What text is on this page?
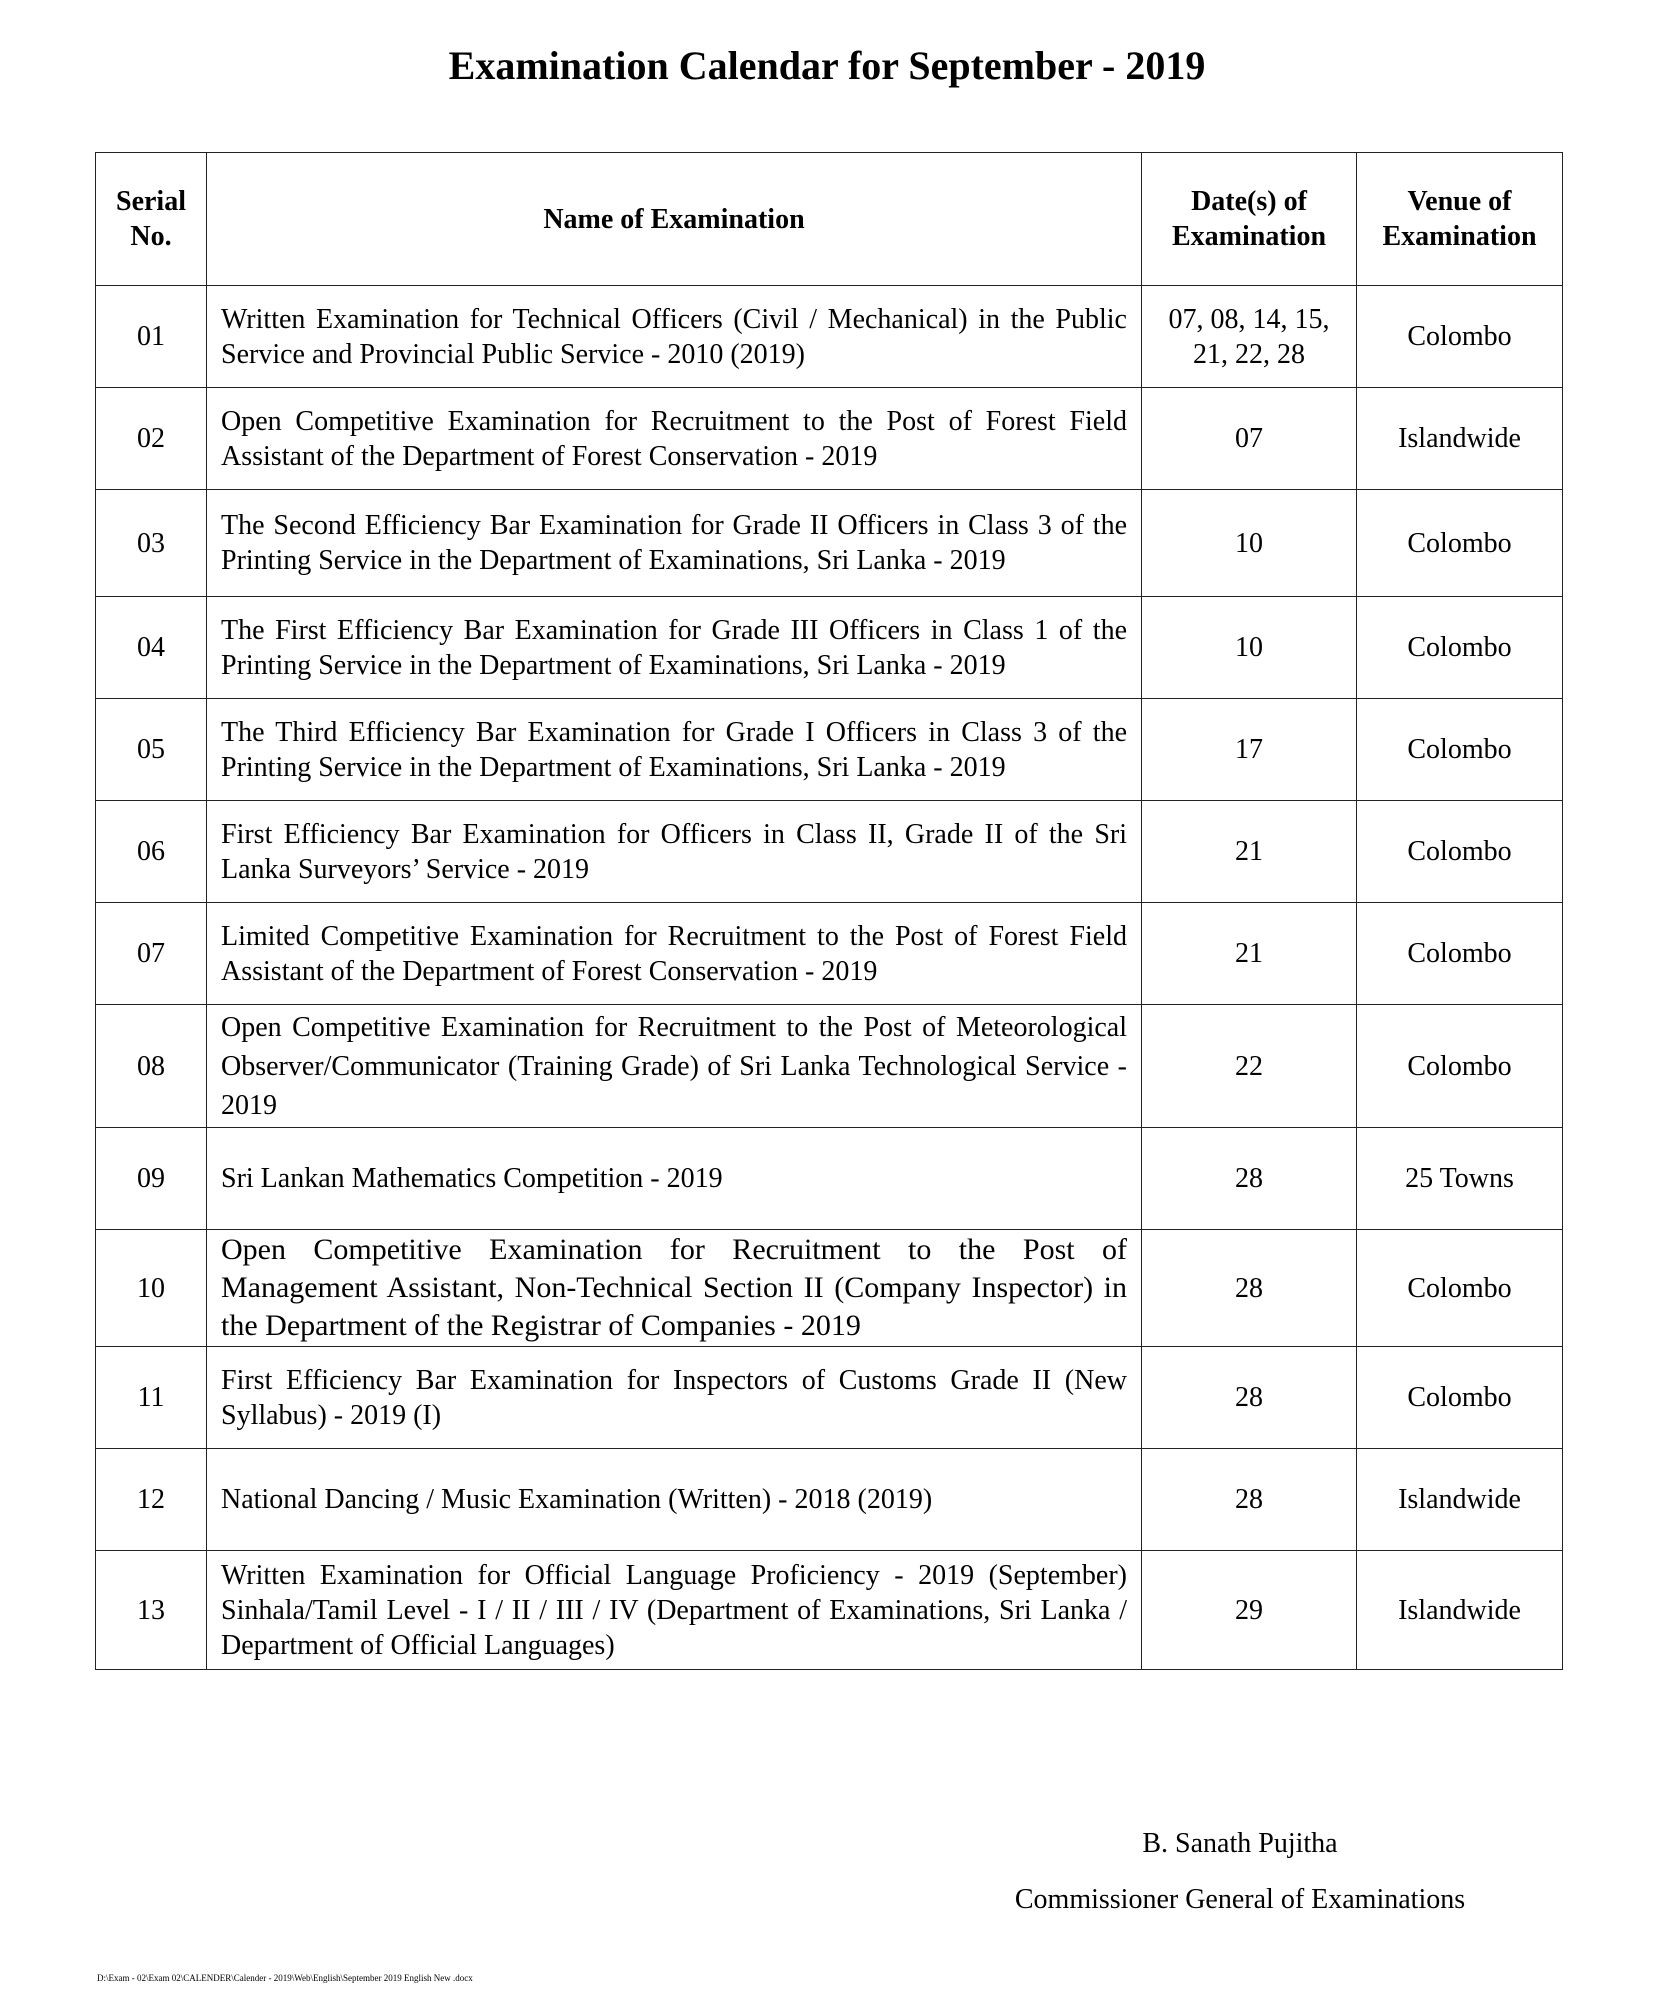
Examination Calendar for September - 2019
Serial No.	Name of Examination	Date(s) of Examination	Venue of Examination
01	Written Examination for Technical Officers (Civil / Mechanical) in the Public Service and Provincial Public Service - 2010 (2019)	07, 08, 14, 15, 21, 22, 28	Colombo
02	Open Competitive Examination for Recruitment to the Post of Forest Field Assistant of the Department of Forest Conservation - 2019	07	Islandwide
03	The Second Efficiency Bar Examination for Grade II Officers in Class 3 of the Printing Service in the Department of Examinations, Sri Lanka - 2019	10	Colombo
04	The First Efficiency Bar Examination for Grade III Officers in Class 1 of the Printing Service in the Department of Examinations, Sri Lanka - 2019	10	Colombo
05	The Third Efficiency Bar Examination for Grade I Officers in Class 3 of the Printing Service in the Department of Examinations, Sri Lanka - 2019	17	Colombo
06	First Efficiency Bar Examination for Officers in Class II, Grade II of the Sri Lanka Surveyors’ Service - 2019	21	Colombo
07	Limited Competitive Examination for Recruitment to the Post of Forest Field Assistant of the Department of Forest Conservation - 2019	21	Colombo
08	Open Competitive Examination for Recruitment to the Post of Meteorological Observer/Communicator (Training Grade) of Sri Lanka Technological Service - 2019	22	Colombo
09	Sri Lankan Mathematics Competition - 2019	28	25 Towns
10	Open Competitive Examination for Recruitment to the Post of Management Assistant, Non-Technical Section II (Company Inspector) in the Department of the Registrar of Companies - 2019	28	Colombo
11	First Efficiency Bar Examination for Inspectors of Customs Grade II (New Syllabus) - 2019 (I)	28	Colombo
12	National Dancing / Music Examination (Written) - 2018 (2019)	28	Islandwide
13	Written Examination for Official Language Proficiency - 2019 (September) Sinhala/Tamil Level - I / II / III / IV (Department of Examinations, Sri Lanka / Department of Official Languages)	29	Islandwide
B. Sanath Pujitha
Commissioner General of Examinations
D:\Exam - 02\Exam 02\CALENDER\Calender - 2019\Web\English\September 2019 English New .docx
